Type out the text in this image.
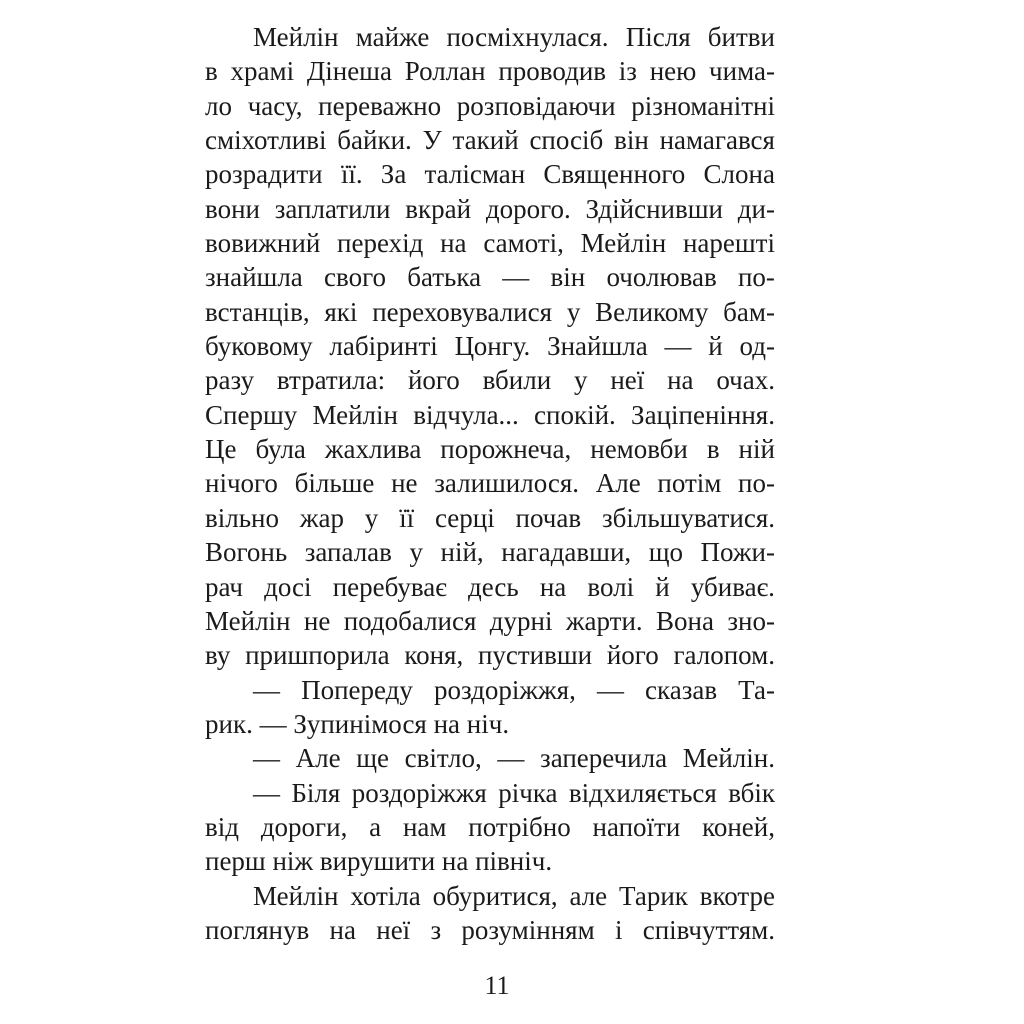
Мейлін майже посміхнулася. Після битви
в храмі Дінеша Роллан проводив із нею чима-
ло часу, переважно розповідаючи різноманітні
сміхотливі байки. У такий спосіб він намагався
розрадити її. За талісман Священного Слона
вони заплатили вкрай дорого. Здійснивши ди-
вовижний перехід на самоті, Мейлін нарешті
знайшла свого батька — він очолював по-
встанців, які переховувалися у Великому бам-
буковому лабіринті Цонгу. Знайшла — й од-
разу втратила: його вбили у неї на очах.
Спершу Мейлін відчула... спокій. Заціпеніння.
Це була жахлива порожнеча, немовби в ній
нічого більше не залишилося. Але потім по-
вільно жар у її серці почав збільшуватися.
Вогонь запалав у ній, нагадавши, що Пожи-
рач досі перебуває десь на волі й убиває.
Мейлін не подобалися дурні жарти. Вона зно-
ву пришпорила коня, пустивши його галопом.
— Попереду роздоріжжя, — сказав Та-
рик. — Зупинімося на ніч.
— Але ще світло, — заперечила Мейлін.
— Біля роздоріжжя річка відхиляється вбік
від дороги, а нам потрібно напоїти коней,
перш ніж вирушити на північ.
Мейлін хотіла обуритися, але Тарик вкотре
поглянув на неї з розумінням і співчуттям.
11
